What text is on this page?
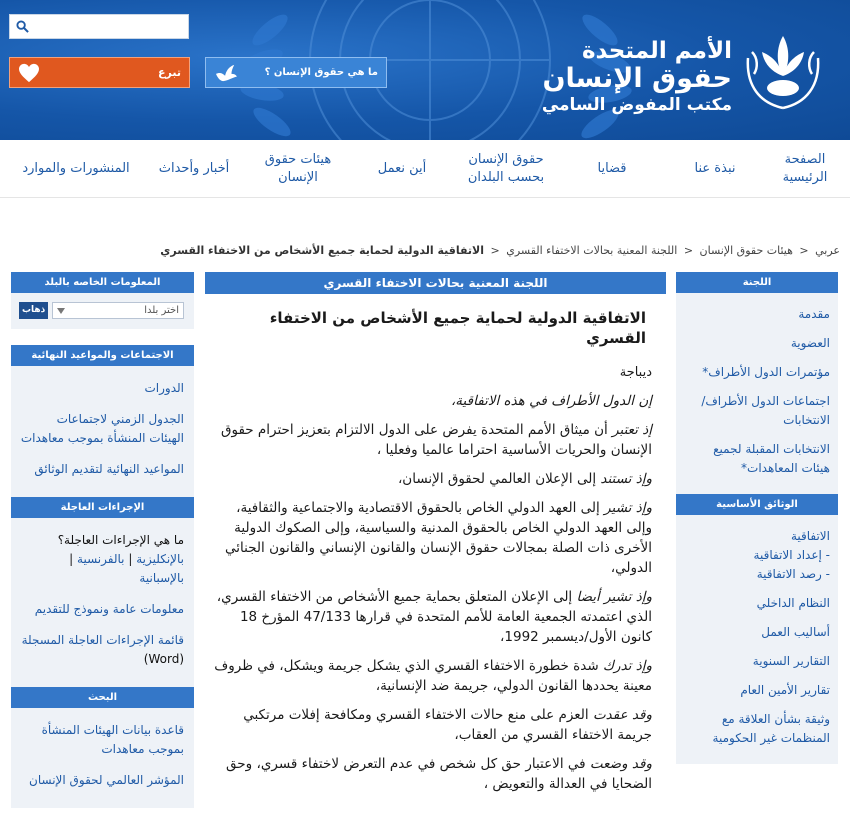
تبرع	ما هي حقوق الإنسان ؟
الأمم المتحدة
حقوق الإنسان
مكتب المفوض السامي
الصفحة الرئيسية
نبذة عنا
قضايا
حقوق الإنسان بحسب البلدان
أين نعمل
هيئات حقوق الإنسان
أخبار وأحداث
المنشورات والموارد
عربي < هيئات حقوق الإنسان < اللجنة المعنية بحالات الاختفاء القسري < الاتفاقية الدولية لحماية جميع الأشخاص من الاختفاء القسري
اللجنة
مقدمة
العضوية
مؤتمرات الدول الأطراف*
اجتماعات الدول الأطراف/ الانتخابات
الانتخابات المقبلة لجميع هيئات المعاهدات*
الوثائق الأساسية
الاتفاقية
- إعداد الاتفاقية
- رصد الاتفاقية
النظام الداخلي
أساليب العمل
التقارير السنوية
تقارير الأمين العام
وثيقة بشأن العلاقة مع المنظمات غير الحكومية
المعلومات الخاصه بالبلد
ذهاب	اختر بلدا
الاجتماعات والمواعيد النهائية
الدورات
الجدول الزمني لاجتماعات الهيئات المنشأة بموجب معاهدات
المواعيد النهائية لتقديم الوثائق
الإجراءات العاجلة
ما هي الإجراءات العاجلة؟
بالإنكليزية | بالفرنسية |
بالإسبانية
معلومات عامة ونموذج للتقديم
قائمة الإجراءات العاجلة المسجلة (Word)
البحث
قاعدة بيانات الهيئات المنشأة بموجب معاهدات
المؤشر العالمي لحقوق الإنسان
اللجنة المعنية بحالات الاختفاء القسري
الاتفاقية الدولية لحماية جميع الأشخاص من الاختفاء القسري

ديباجة

إن الدول الأطراف في هذه الاتفاقية،

إذ تعتبر أن ميثاق الأمم المتحدة يفرض على الدول الالتزام بتعزيز احترام حقوق الإنسان والحريات الأساسية احتراما عالميا وفعليا ،

وإذ تستند إلى الإعلان العالمي لحقوق الإنسان،

وإذ تشير إلى العهد الدولي الخاص بالحقوق الاقتصادية والاجتماعية والثقافية، وإلى العهد الدولي الخاص بالحقوق المدنية والسياسية، وإلى الصكوك الدولية الأخرى ذات الصلة بمجالات حقوق الإنسان والقانون الإنساني والقانون الجنائي الدولي،

وإذ تشير أيضا إلى الإعلان المتعلق بحماية جميع الأشخاص من الاختفاء القسري، الذي اعتمدته الجمعية العامة للأمم المتحدة في قرارها 47/133 المؤرخ 18 كانون الأول/ديسمبر 1992،

وإذ تدرك شدة خطورة الاختفاء القسري الذي يشكل جريمة ويشكل، في ظروف معينة يحددها القانون الدولي، جريمة ضد الإنسانية،

وقد عقدت العزم على منع حالات الاختفاء القسري ومكافحة إفلات مرتكبي جريمة الاختفاء القسري من العقاب،

وقد وضعت في الاعتبار حق كل شخص في عدم التعرض لاختفاء قسري، وحق الضحايا في العدالة والتعويض ،
